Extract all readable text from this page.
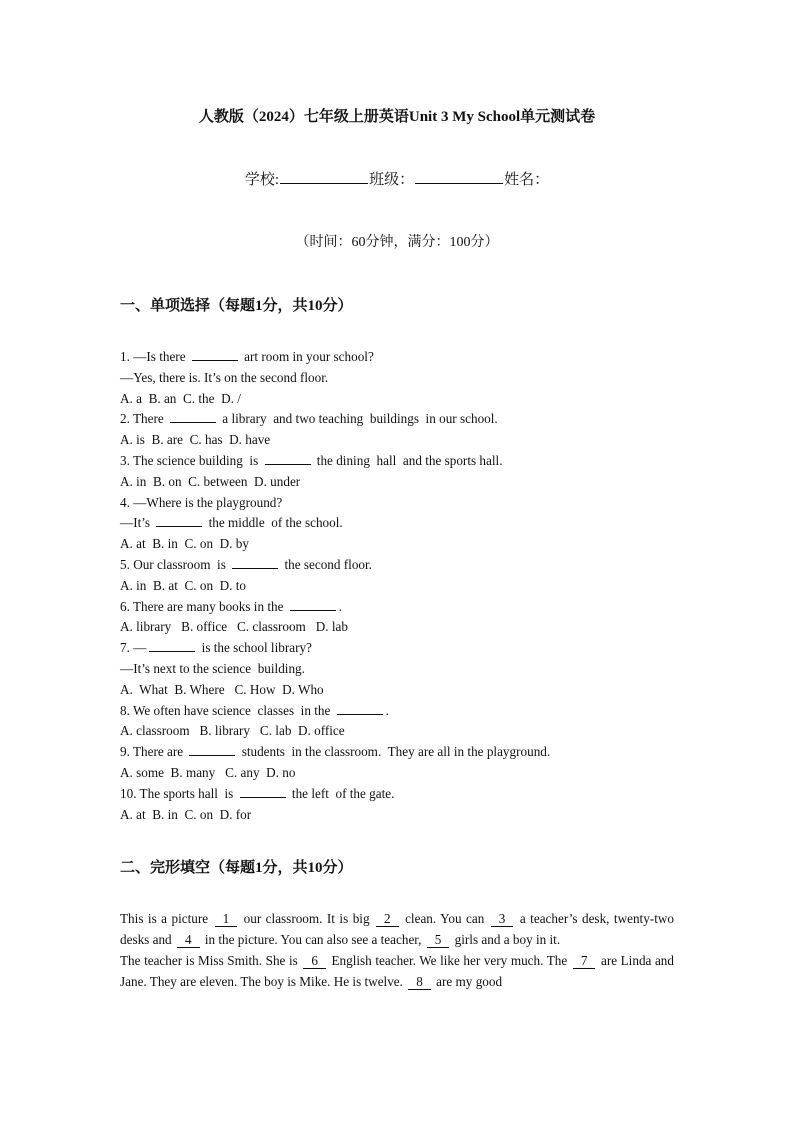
人教版（2024）七年级上册英语Unit 3 My School单元测试卷
学校:	班级：	姓名：
（时间：60分钟，满分：100分）
一、单项选择（每题1分，共10分）
1. —Is there	art room in your school?
—Yes, there is. It’s on the second floor.
A. a  B. an  C. the  D. /
2. There	a library  and two teaching  buildings  in our school.
A. is  B. are  C. has  D. have
3. The science building  is	the dining  hall  and the sports hall.
A. in  B. on  C. between  D. under
4. —Where is the playground?
—It’s	the middle  of the school.
A. at  B. in  C. on  D. by
5. Our classroom  is	the second floor.
A. in  B. at  C. on  D. to
6. There are many books in the	.
A. library   B. office   C. classroom   D. lab
7. —	is the school library?
—It’s next to the science  building.
A.  What  B. Where   C. How  D. Who
8. We often have science  classes  in the	.
A. classroom   B. library   C. lab  D. office
9. There are	students  in the classroom.  They are all in the playground.
A. some  B. many   C. any  D. no
10. The sports hall  is	the left  of the gate.
A. at  B. in  C. on  D. for
二、完形填空（每题1分，共10分）
This is a picture 1 our classroom. It is big 2 clean. You can 3 a teacher’s desk, twenty-two desks and 4 in the picture. You can also see a teacher, 5 girls and a boy in it.
The teacher is Miss Smith. She is 6 English teacher. We like her very much. The 7 are Linda and Jane. They are eleven. The boy is Mike. He is twelve. 8 are my good
